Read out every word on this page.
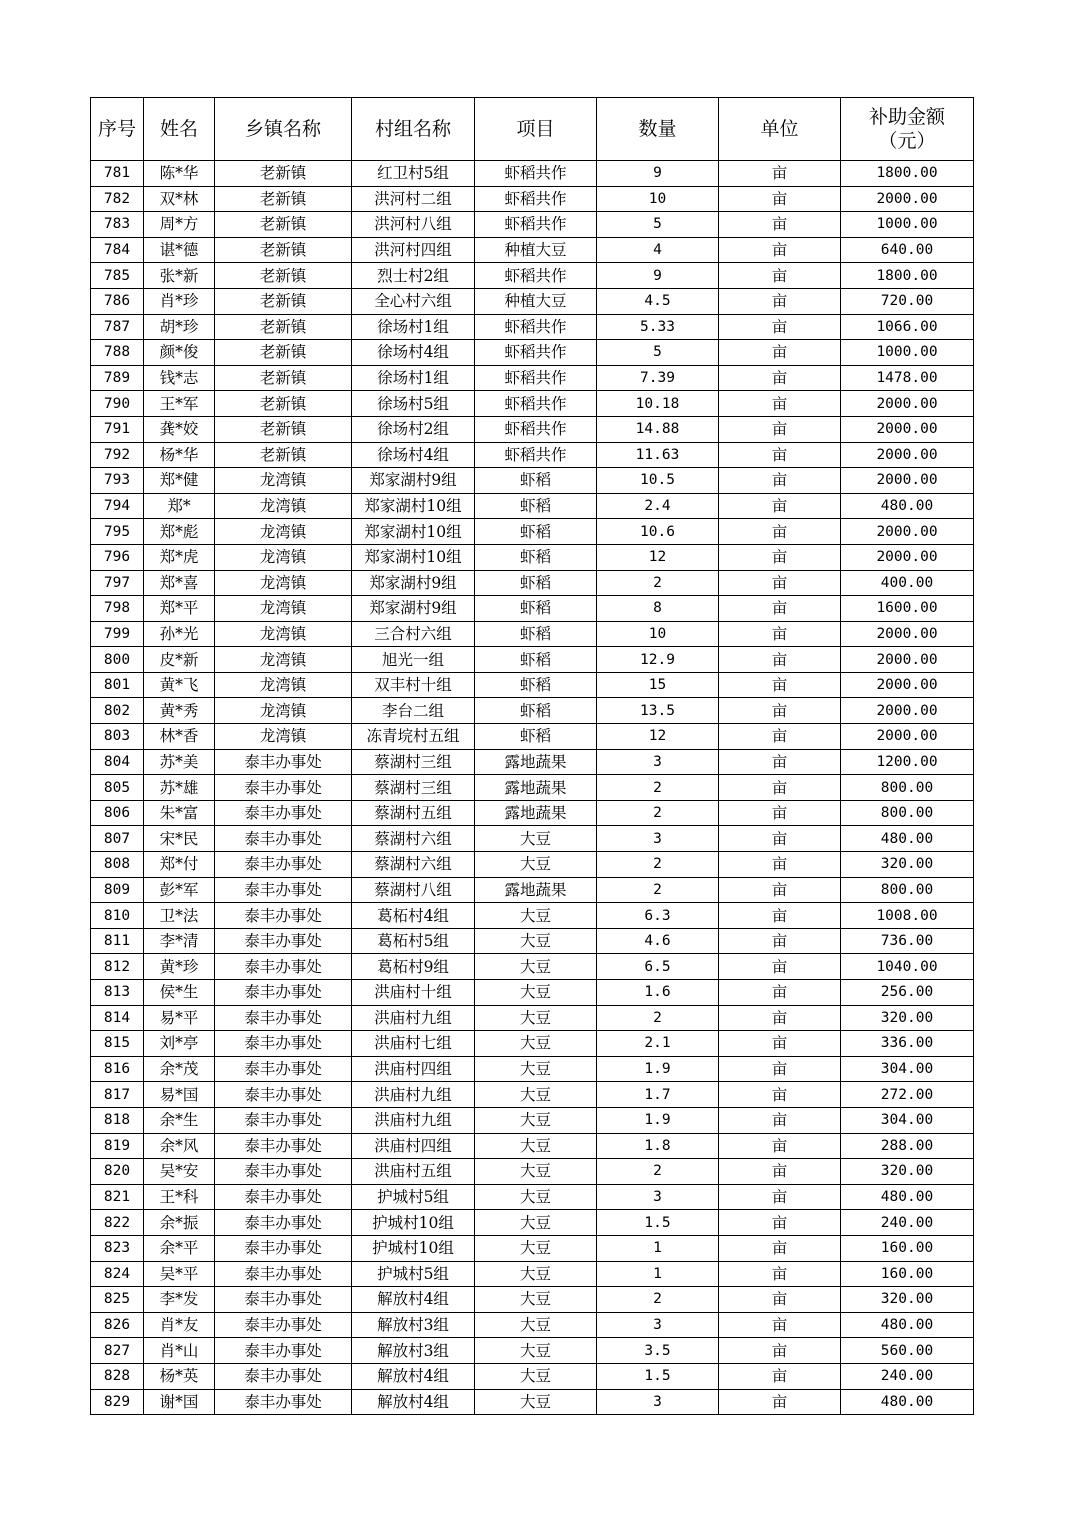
序号	姓名	乡镇名称	村组名称	项目	数量	单位	补助金额
（元）
781	陈*华	老新镇	红卫村5组	虾稻共作	9	亩	1800.00
782	双*林	老新镇	洪河村二组	虾稻共作	10	亩	2000.00
783	周*方	老新镇	洪河村八组	虾稻共作	5	亩	1000.00
784	谌*德	老新镇	洪河村四组	种植大豆	4	亩	640.00
785	张*新	老新镇	烈士村2组	虾稻共作	9	亩	1800.00
786	肖*珍	老新镇	全心村六组	种植大豆	4.5	亩	720.00
787	胡*珍	老新镇	徐场村1组	虾稻共作	5.33	亩	1066.00
788	颜*俊	老新镇	徐场村4组	虾稻共作	5	亩	1000.00
789	钱*志	老新镇	徐场村1组	虾稻共作	7.39	亩	1478.00
790	王*军	老新镇	徐场村5组	虾稻共作	10.18	亩	2000.00
791	龚*姣	老新镇	徐场村2组	虾稻共作	14.88	亩	2000.00
792	杨*华	老新镇	徐场村4组	虾稻共作	11.63	亩	2000.00
793	郑*健	龙湾镇	郑家湖村9组	虾稻	10.5	亩	2000.00
794	郑*	龙湾镇	郑家湖村10组	虾稻	2.4	亩	480.00
795	郑*彪	龙湾镇	郑家湖村10组	虾稻	10.6	亩	2000.00
796	郑*虎	龙湾镇	郑家湖村10组	虾稻	12	亩	2000.00
797	郑*喜	龙湾镇	郑家湖村9组	虾稻	2	亩	400.00
798	郑*平	龙湾镇	郑家湖村9组	虾稻	8	亩	1600.00
799	孙*光	龙湾镇	三合村六组	虾稻	10	亩	2000.00
800	皮*新	龙湾镇	旭光一组	虾稻	12.9	亩	2000.00
801	黄*飞	龙湾镇	双丰村十组	虾稻	15	亩	2000.00
802	黄*秀	龙湾镇	李台二组	虾稻	13.5	亩	2000.00
803	林*香	龙湾镇	冻青垸村五组	虾稻	12	亩	2000.00
804	苏*美	泰丰办事处	蔡湖村三组	露地蔬果	3	亩	1200.00
805	苏*雄	泰丰办事处	蔡湖村三组	露地蔬果	2	亩	800.00
806	朱*富	泰丰办事处	蔡湖村五组	露地蔬果	2	亩	800.00
807	宋*民	泰丰办事处	蔡湖村六组	大豆	3	亩	480.00
808	郑*付	泰丰办事处	蔡湖村六组	大豆	2	亩	320.00
809	彭*军	泰丰办事处	蔡湖村八组	露地蔬果	2	亩	800.00
810	卫*法	泰丰办事处	葛柘村4组	大豆	6.3	亩	1008.00
811	李*清	泰丰办事处	葛柘村5组	大豆	4.6	亩	736.00
812	黄*珍	泰丰办事处	葛柘村9组	大豆	6.5	亩	1040.00
813	侯*生	泰丰办事处	洪庙村十组	大豆	1.6	亩	256.00
814	易*平	泰丰办事处	洪庙村九组	大豆	2	亩	320.00
815	刘*亭	泰丰办事处	洪庙村七组	大豆	2.1	亩	336.00
816	余*茂	泰丰办事处	洪庙村四组	大豆	1.9	亩	304.00
817	易*国	泰丰办事处	洪庙村九组	大豆	1.7	亩	272.00
818	余*生	泰丰办事处	洪庙村九组	大豆	1.9	亩	304.00
819	余*风	泰丰办事处	洪庙村四组	大豆	1.8	亩	288.00
820	吴*安	泰丰办事处	洪庙村五组	大豆	2	亩	320.00
821	王*科	泰丰办事处	护城村5组	大豆	3	亩	480.00
822	余*振	泰丰办事处	护城村10组	大豆	1.5	亩	240.00
823	余*平	泰丰办事处	护城村10组	大豆	1	亩	160.00
824	吴*平	泰丰办事处	护城村5组	大豆	1	亩	160.00
825	李*发	泰丰办事处	解放村4组	大豆	2	亩	320.00
826	肖*友	泰丰办事处	解放村3组	大豆	3	亩	480.00
827	肖*山	泰丰办事处	解放村3组	大豆	3.5	亩	560.00
828	杨*英	泰丰办事处	解放村4组	大豆	1.5	亩	240.00
829	谢*国	泰丰办事处	解放村4组	大豆	3	亩	480.00
